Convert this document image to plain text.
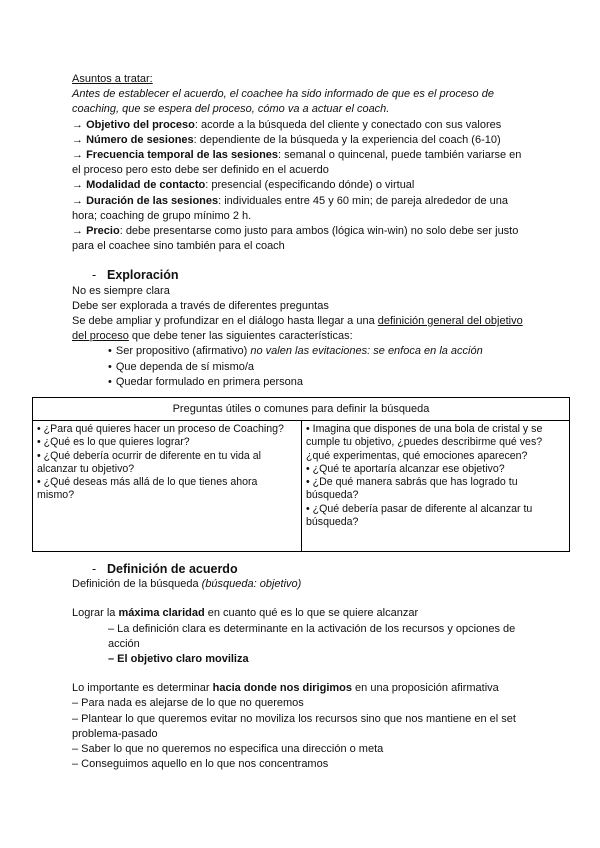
Asuntos a tratar:

Antes de establecer el acuerdo, el coachee ha sido informado de que es el proceso de coaching, que se espera del proceso, cómo va a actuar el coach.

→ Objetivo del proceso: acorde a la búsqueda del cliente y conectado con sus valores

→ Número de sesiones: dependiente de la búsqueda y la experiencia del coach (6-10)

→ Frecuencia temporal de las sesiones: semanal o quincenal, puede también variarse en el proceso pero esto debe ser definido en el acuerdo

→ Modalidad de contacto: presencial (especificando dónde) o virtual

→ Duración de las sesiones: individuales entre 45 y 60 min; de pareja alrededor de una hora; coaching de grupo mínimo 2 h.

→ Precio: debe presentarse como justo para ambos (lógica win-win) no solo debe ser justo para el coachee sino también para el coach

- Exploración

No es siempre clara

Debe ser explorada a través de diferentes preguntas

Se debe ampliar y profundizar en el diálogo hasta llegar a una definición general del objetivo del proceso que debe tener las siguientes características:

• Ser propositivo (afirmativo) no valen las evitaciones: se enfoca en la acción

• Que dependa de sí mismo/a

• Quedar formulado en primera persona

Preguntas útiles o comunes para definir la búsqueda

• ¿Para qué quieres hacer un proceso de Coaching?

• ¿Qué es lo que quieres lograr?

• ¿Qué debería ocurrir de diferente en tu vida al alcanzar tu objetivo?

• ¿Qué deseas más allá de lo que tienes ahora mismo?

• Imagina que dispones de una bola de cristal y se cumple tu objetivo, ¿puedes describirme qué ves? ¿qué experimentas, qué emociones aparecen?

• ¿Qué te aportaría alcanzar ese objetivo?

• ¿De qué manera sabrás que has logrado tu búsqueda?

• ¿Qué debería pasar de diferente al alcanzar tu búsqueda?

- Definición de acuerdo

Definición de la búsqueda (búsqueda: objetivo)

Lograr la máxima claridad en cuanto qué es lo que se quiere alcanzar

– La definición clara es determinante en la activación de los recursos y opciones de acción

– El objetivo claro moviliza

Lo importante es determinar hacia donde nos dirigimos en una proposición afirmativa

– Para nada es alejarse de lo que no queremos

– Plantear lo que queremos evitar no moviliza los recursos sino que nos mantiene en el set problema-pasado

– Saber lo que no queremos no especifica una dirección o meta

– Conseguimos aquello en lo que nos concentramos
